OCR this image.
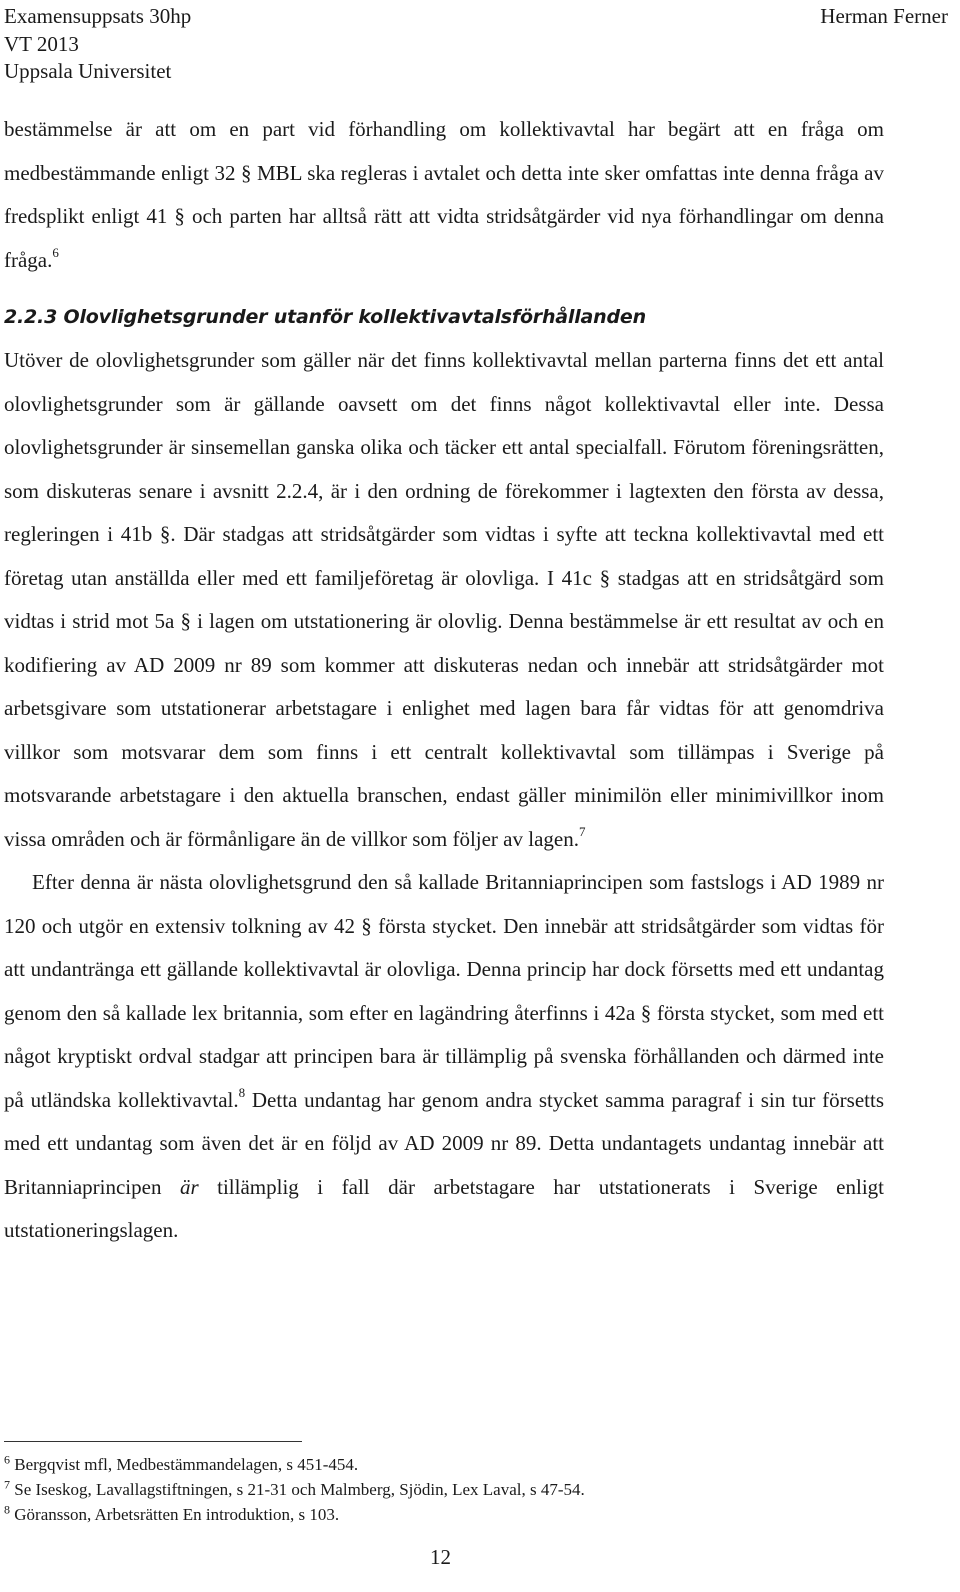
Examensuppsats 30hp
VT 2013
Uppsala Universitet
Herman Ferner

bestämmelse är att om en part vid förhandling om kollektivavtal har begärt att en fråga om medbestämmande enligt 32 § MBL ska regleras i avtalet och detta inte sker omfattas inte denna fråga av fredsplikt enligt 41 § och parten har alltså rätt att vidta stridsåtgärder vid nya förhandlingar om denna fråga.$^6$

2.2.3 Olovlighetsgrunder utanför kollektivavtalsförhållanden

Utöver de olovlighetsgrunder som gäller när det finns kollektivavtal mellan parterna finns det ett antal olovlighetsgrunder som är gällande oavsett om det finns något kollektivavtal eller inte. Dessa olovlighetsgrunder är sinsemellan ganska olika och täcker ett antal specialfall. Förutom föreningsrätten, som diskuteras senare i avsnitt 2.2.4, är i den ordning de förekommer i lagtexten den första av dessa, regleringen i 41b §. Där stadgas att stridsåtgärder som vidtas i syfte att teckna kollektivavtal med ett företag utan anställda eller med ett familjeföretag är olovliga. I 41c § stadgas att en stridsåtgärd som vidtas i strid mot 5a § i lagen om utstationering är olovlig. Denna bestämmelse är ett resultat av och en kodifiering av AD 2009 nr 89 som kommer att diskuteras nedan och innebär att stridsåtgärder mot arbetsgivare som utstationerar arbetstagare i enlighet med lagen bara får vidtas för att genomdriva villkor som motsvarar dem som finns i ett centralt kollektivavtal som tillämpas i Sverige på motsvarande arbetstagare i den aktuella branschen, endast gäller minimilön eller minimivillkor inom vissa områden och är förmånligare än de villkor som följer av lagen.$^7$

Efter denna är nästa olovlighetsgrund den så kallade Britanniaprincipen som fastslogs i AD 1989 nr 120 och utgör en extensiv tolkning av 42 § första stycket. Den innebär att stridsåtgärder som vidtas för att undantränga ett gällande kollektivavtal är olovliga. Denna princip har dock försetts med ett undantag genom den så kallade lex britannia, som efter en lagändring återfinns i 42a § första stycket, som med ett något kryptiskt ordval stadgar att principen bara är tillämplig på svenska förhållanden och därmed inte på utländska kollektivavtal.$^8$ Detta undantag har genom andra stycket samma paragraf i sin tur försetts med ett undantag som även det är en följd av AD 2009 nr 89. Detta undantagets undantag innebär att Britanniaprincipen är tillämplig i fall där arbetstagare har utstationerats i Sverige enligt utstationeringslagen.

$^6$ Bergqvist mfl, Medbestämmandelagen, s 451-454.

$^7$ Se Iseskog, Lavallagstiftningen, s 21-31 och Malmberg, Sjödin, Lex Laval, s 47-54.

$^8$ Göransson, Arbetsrätten En introduktion, s 103.

12
